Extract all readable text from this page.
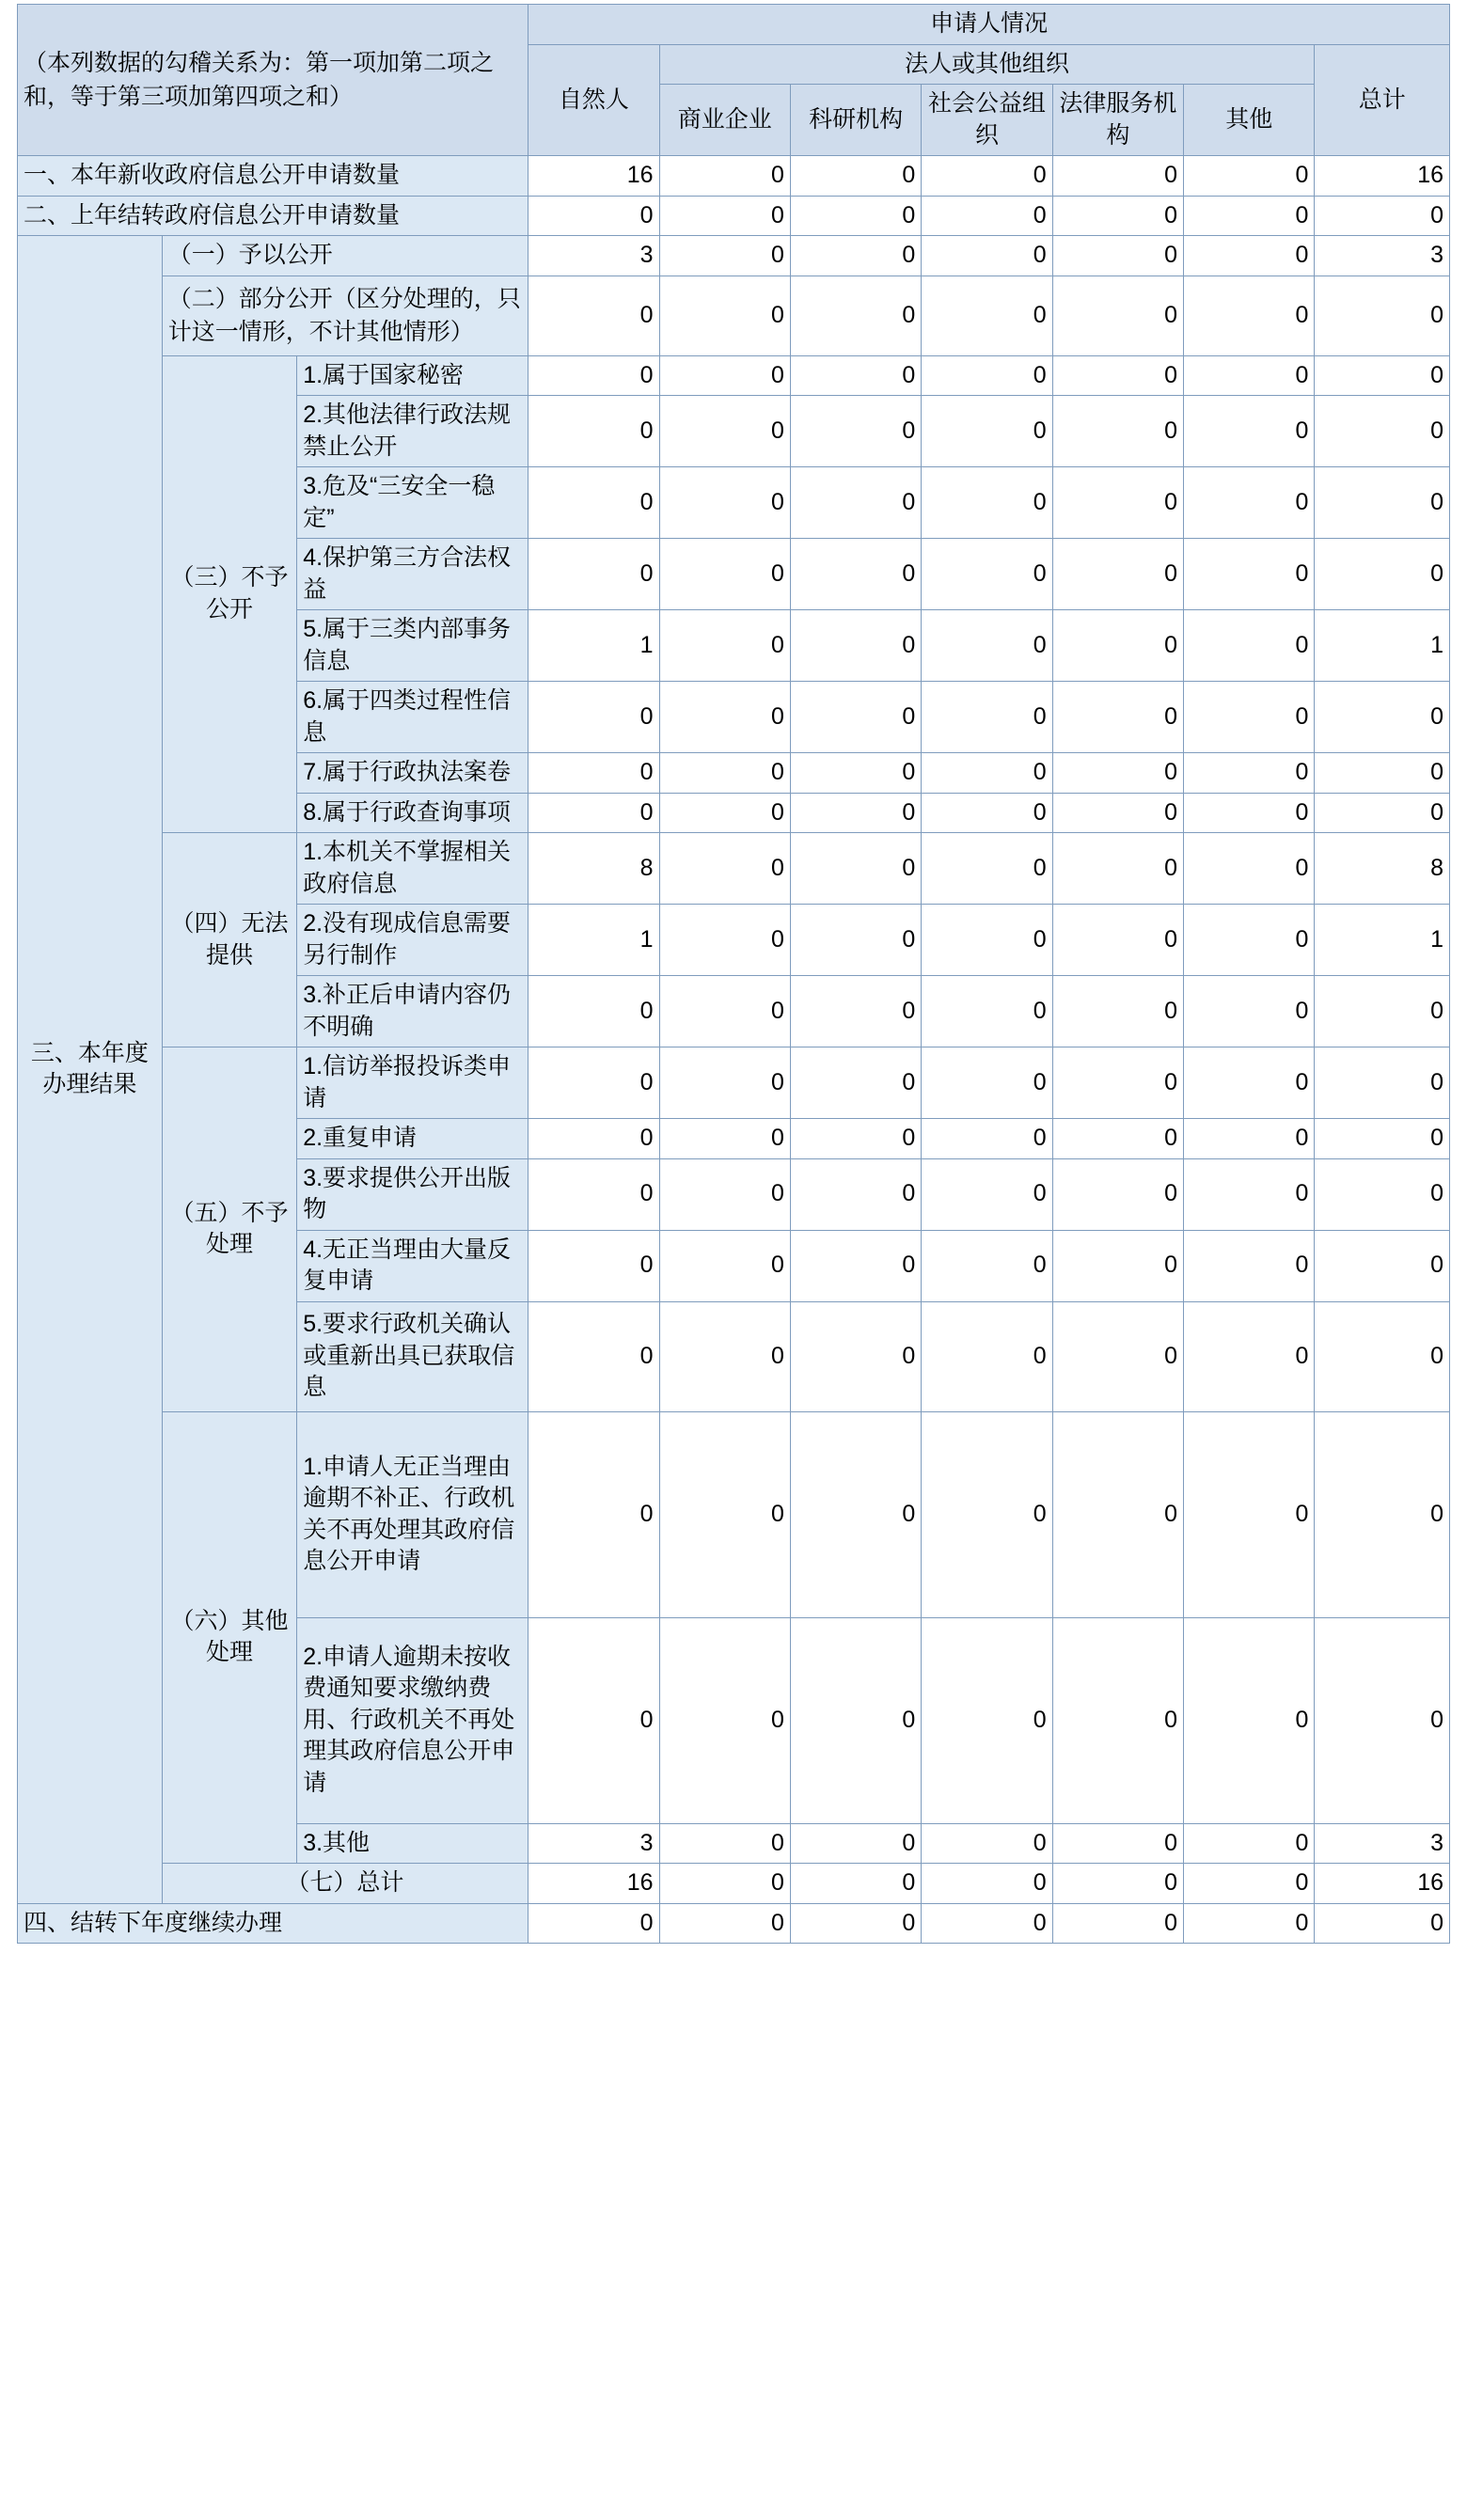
（本列数据的勾稽关系为：第一项加第二项之和，等于第三项加第四项之和）			申请人情况						
			自然人	法人或其他组织					总计
				商业企业	科研机构	社会公益组织	法律服务机构	其他	
一、本年新收政府信息公开申请数量			16	0	0	0	0	0	16
二、上年结转政府信息公开申请数量			0	0	0	0	0	0	0
三、本年度办理结果	（一）予以公开		3	0	0	0	0	0	3
	（二）部分公开（区分处理的，只计这一情形，不计其他情形）		0	0	0	0	0	0	0
	（三）不予公开	1.属于国家秘密	0	0	0	0	0	0	0
		2.其他法律行政法规禁止公开	0	0	0	0	0	0	0
		3.危及“三安全一稳定”	0	0	0	0	0	0	0
		4.保护第三方合法权益	0	0	0	0	0	0	0
		5.属于三类内部事务信息	1	0	0	0	0	0	1
		6.属于四类过程性信息	0	0	0	0	0	0	0
		7.属于行政执法案卷	0	0	0	0	0	0	0
		8.属于行政查询事项	0	0	0	0	0	0	0
	（四）无法提供	1.本机关不掌握相关政府信息	8	0	0	0	0	0	8
		2.没有现成信息需要另行制作	1	0	0	0	0	0	1
		3.补正后申请内容仍不明确	0	0	0	0	0	0	0
	（五）不予处理	1.信访举报投诉类申请	0	0	0	0	0	0	0
		2.重复申请	0	0	0	0	0	0	0
		3.要求提供公开出版物	0	0	0	0	0	0	0
		4.无正当理由大量反复申请	0	0	0	0	0	0	0
		5.要求行政机关确认或重新出具已获取信息	0	0	0	0	0	0	0
	（六）其他处理	1.申请人无正当理由逾期不补正、行政机关不再处理其政府信息公开申请	0	0	0	0	0	0	0
		2.申请人逾期未按收费通知要求缴纳费用、行政机关不再处理其政府信息公开申请	0	0	0	0	0	0	0
		3.其他	3	0	0	0	0	0	3
	（七）总计		16	0	0	0	0	0	16
四、结转下年度继续办理			0	0	0	0	0	0	0
